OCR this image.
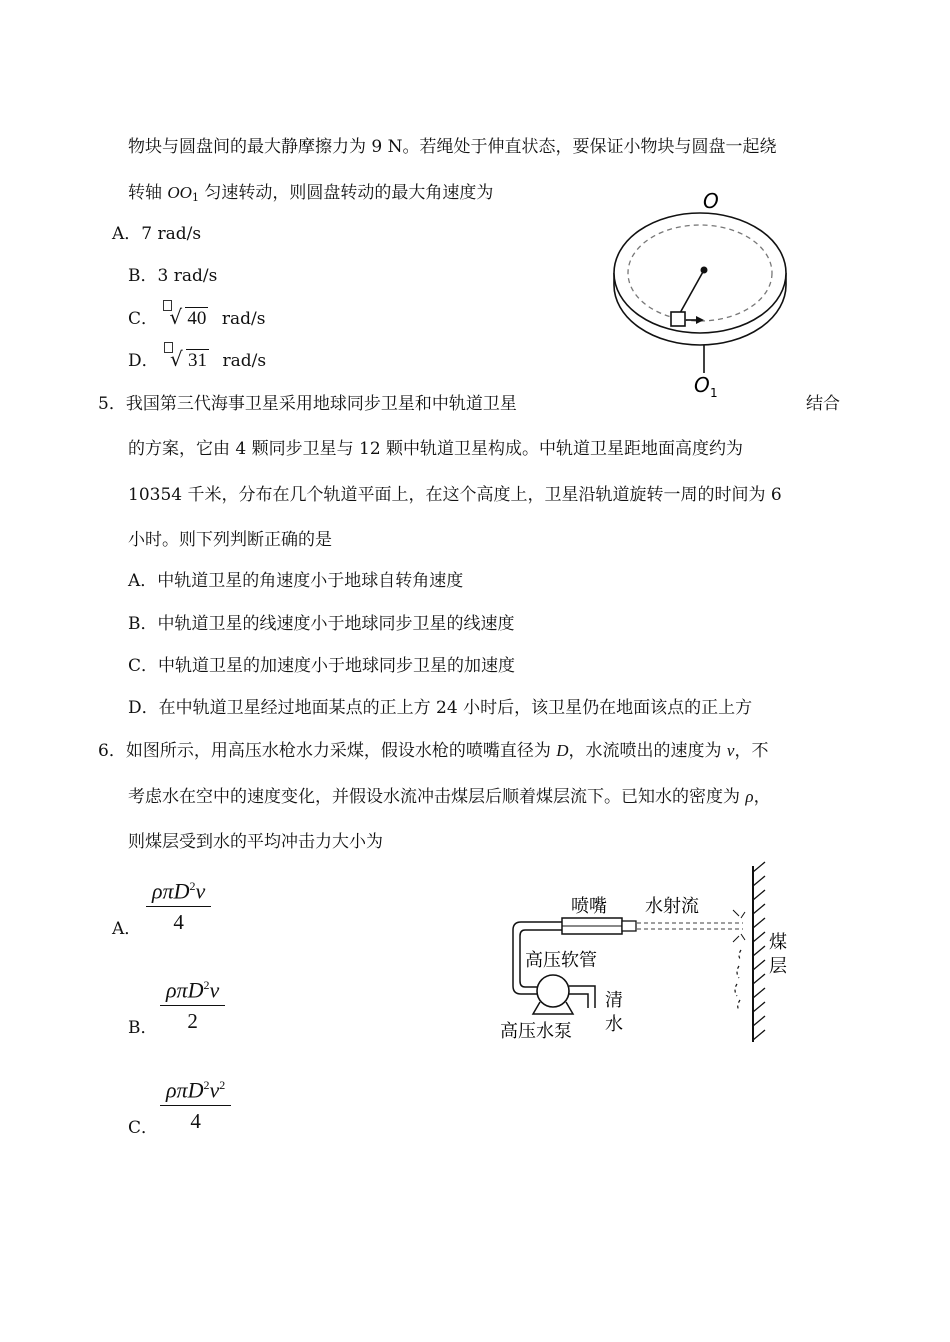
物块与圆盘间的最大静摩擦力为 9 N。若绳处于伸直状态，要保证小物块与圆盘一起绕
转轴 $OO_1$ 匀速转动，则圆盘转动的最大角速度为
A．7 rad/s
B．3 rad/s
C． √ 40 rad/s
D． √ 31 rad/s
O
O 1
5．我国第三代海事卫星采用地球同步卫星和中轨道卫星	结合
的方案，它由 4 颗同步卫星与 12 颗中轨道卫星构成。中轨道卫星距地面高度约为
10354 千米，分布在几个轨道平面上，在这个高度上，卫星沿轨道旋转一周的时间为 6
小时。则下列判断正确的是
A．中轨道卫星的角速度小于地球自转角速度
B．中轨道卫星的线速度小于地球同步卫星的线速度
C．中轨道卫星的加速度小于地球同步卫星的加速度
D．在中轨道卫星经过地面某点的正上方 24 小时后，该卫星仍在地面该点的正上方
6．如图所示，用高压水枪水力采煤，假设水枪的喷嘴直径为 D，水流喷出的速度为 v，不
考虑水在空中的速度变化，并假设水流冲击煤层后顺着煤层流下。已知水的密度为 ρ，
则煤层受到水的平均冲击力大小为
A．
ρπD$^2$v
4
B．
ρπD$^2$v
2
C．
$\rho\pi D^2v^2$
4
喷嘴 水射流
高压软管
高压水泵
清
水
煤
层
